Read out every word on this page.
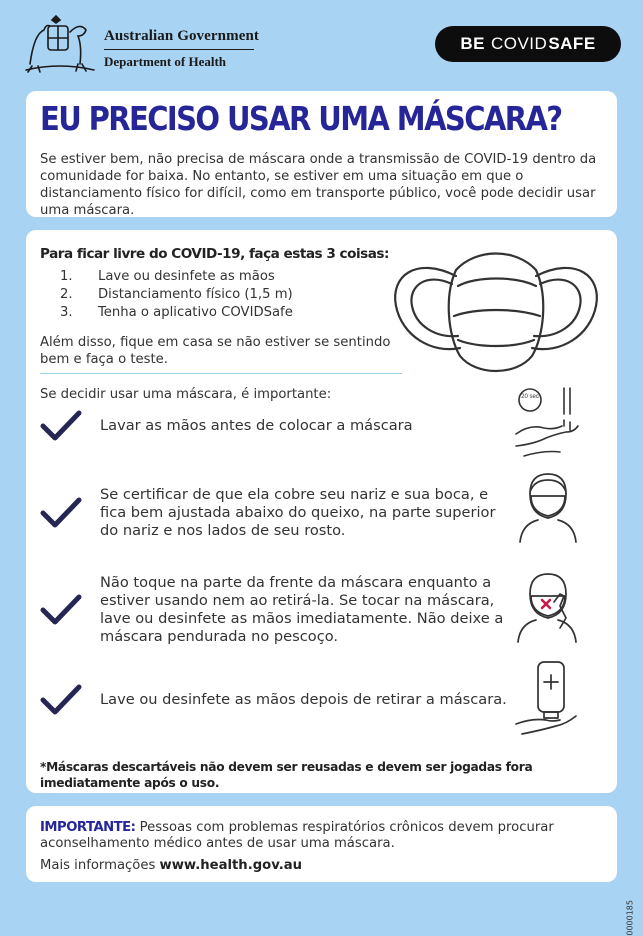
Australian Government
Department of Health
BE COVID SAFE
EU PRECISO USAR UMA MÁSCARA?
Se estiver bem, não precisa de máscara onde a transmissão de COVID-19 dentro da comunidade for baixa. No entanto, se estiver em uma situação em que o distanciamento físico for difícil, como em transporte público, você pode decidir usar uma máscara.
Para ficar livre do COVID-19, faça estas 3 coisas:
1.	Lave ou desinfete as mãos
2.	Distanciamento físico (1,5 m)
3.	Tenha o aplicativo COVIDSafe
Além disso, fique em casa se não estiver se sentindo bem e faça o teste.
Se decidir usar uma máscara, é importante:
Lavar as mãos antes de colocar a máscara
20 sec
Se certificar de que ela cobre seu nariz e sua boca, e fica bem ajustada abaixo do queixo, na parte superior do nariz e nos lados de seu rosto.
Não toque na parte da frente da máscara enquanto a estiver usando nem ao retirá-la. Se tocar na máscara, lave ou desinfete as mãos imediatamente. Não deixe a máscara pendurada no pescoço.
Lave ou desinfete as mãos depois de retirar a máscara.
*Máscaras descartáveis não devem ser reusadas e devem ser jogadas fora imediatamente após o uso.
IMPORTANTE: Pessoas com problemas respiratórios crônicos devem procurar aconselhamento médico antes de usar uma máscara.
Mais informações www.health.gov.au
0000185
